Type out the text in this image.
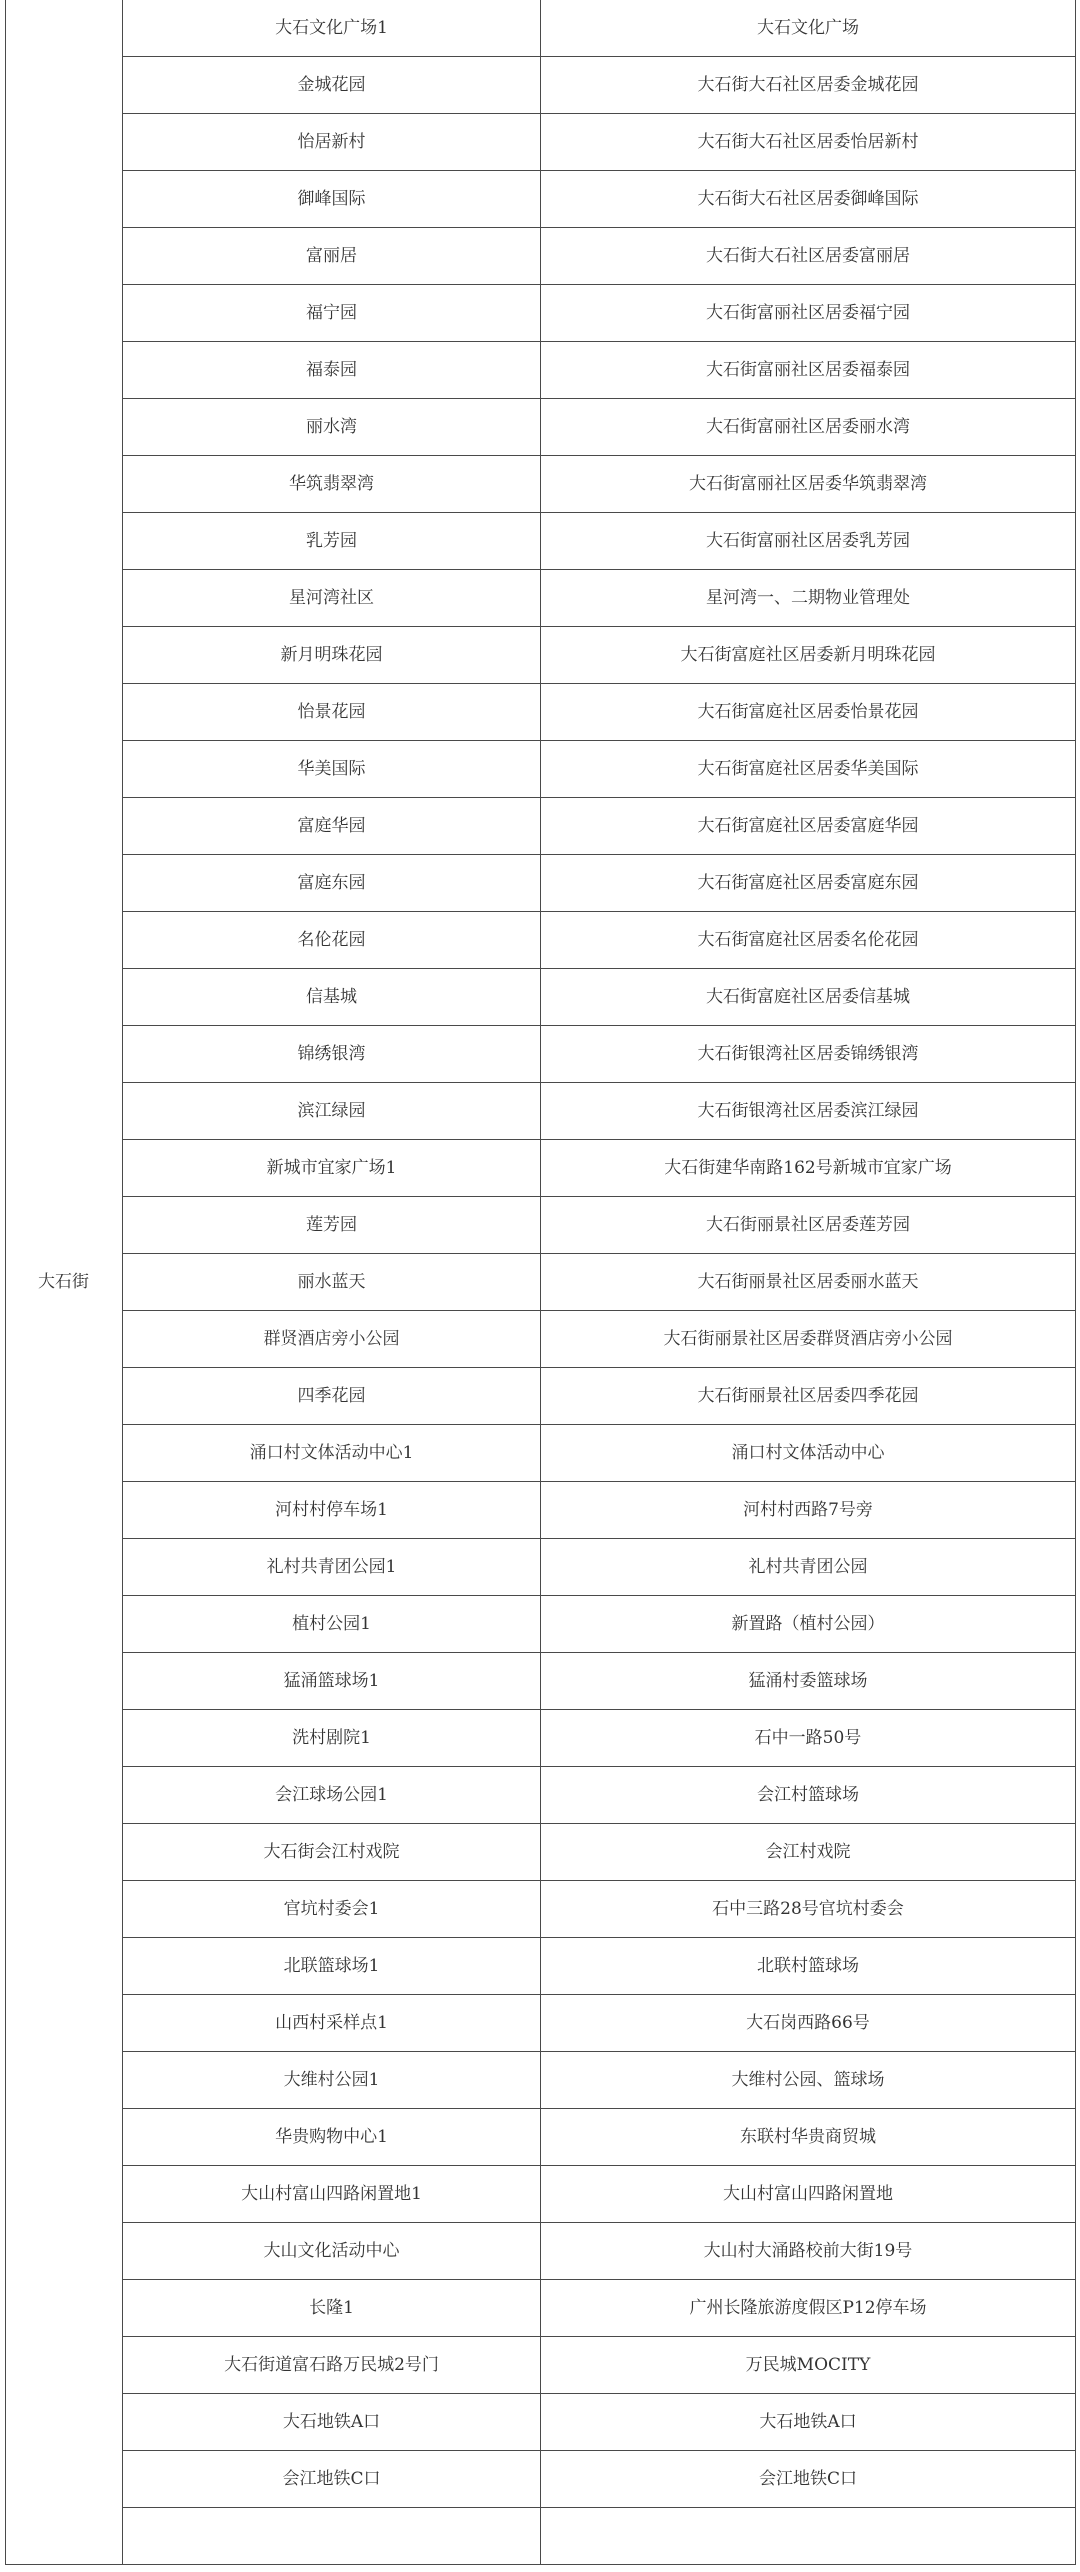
大石街	大石文化广场1	大石文化广场
	金城花园	大石街大石社区居委金城花园
	怡居新村	大石街大石社区居委怡居新村
	御峰国际	大石街大石社区居委御峰国际
	富丽居	大石街大石社区居委富丽居
	福宁园	大石街富丽社区居委福宁园
	福泰园	大石街富丽社区居委福泰园
	丽水湾	大石街富丽社区居委丽水湾
	华筑翡翠湾	大石街富丽社区居委华筑翡翠湾
	乳芳园	大石街富丽社区居委乳芳园
	星河湾社区	星河湾一、二期物业管理处
	新月明珠花园	大石街富庭社区居委新月明珠花园
	怡景花园	大石街富庭社区居委怡景花园
	华美国际	大石街富庭社区居委华美国际
	富庭华园	大石街富庭社区居委富庭华园
	富庭东园	大石街富庭社区居委富庭东园
	名伦花园	大石街富庭社区居委名伦花园
	信基城	大石街富庭社区居委信基城
	锦绣银湾	大石街银湾社区居委锦绣银湾
	滨江绿园	大石街银湾社区居委滨江绿园
	新城市宜家广场1	大石街建华南路162号新城市宜家广场
	莲芳园	大石街丽景社区居委莲芳园
	丽水蓝天	大石街丽景社区居委丽水蓝天
	群贤酒店旁小公园	大石街丽景社区居委群贤酒店旁小公园
	四季花园	大石街丽景社区居委四季花园
	涌口村文体活动中心1	涌口村文体活动中心
	河村村停车场1	河村村西路7号旁
	礼村共青团公园1	礼村共青团公园
	植村公园1	新置路（植村公园）
	猛涌篮球场1	猛涌村委篮球场
	洗村剧院1	石中一路50号
	会江球场公园1	会江村篮球场
	大石街会江村戏院	会江村戏院
	官坑村委会1	石中三路28号官坑村委会
	北联篮球场1	北联村篮球场
	山西村采样点1	大石岗西路66号
	大维村公园1	大维村公园、篮球场
	华贵购物中心1	东联村华贵商贸城
	大山村富山四路闲置地1	大山村富山四路闲置地
	大山文化活动中心	大山村大涌路校前大街19号
	长隆1	广州长隆旅游度假区P12停车场
	大石街道富石路万民城2号门	万民城MOCITY
	大石地铁A口	大石地铁A口
	会江地铁C口	会江地铁C口
